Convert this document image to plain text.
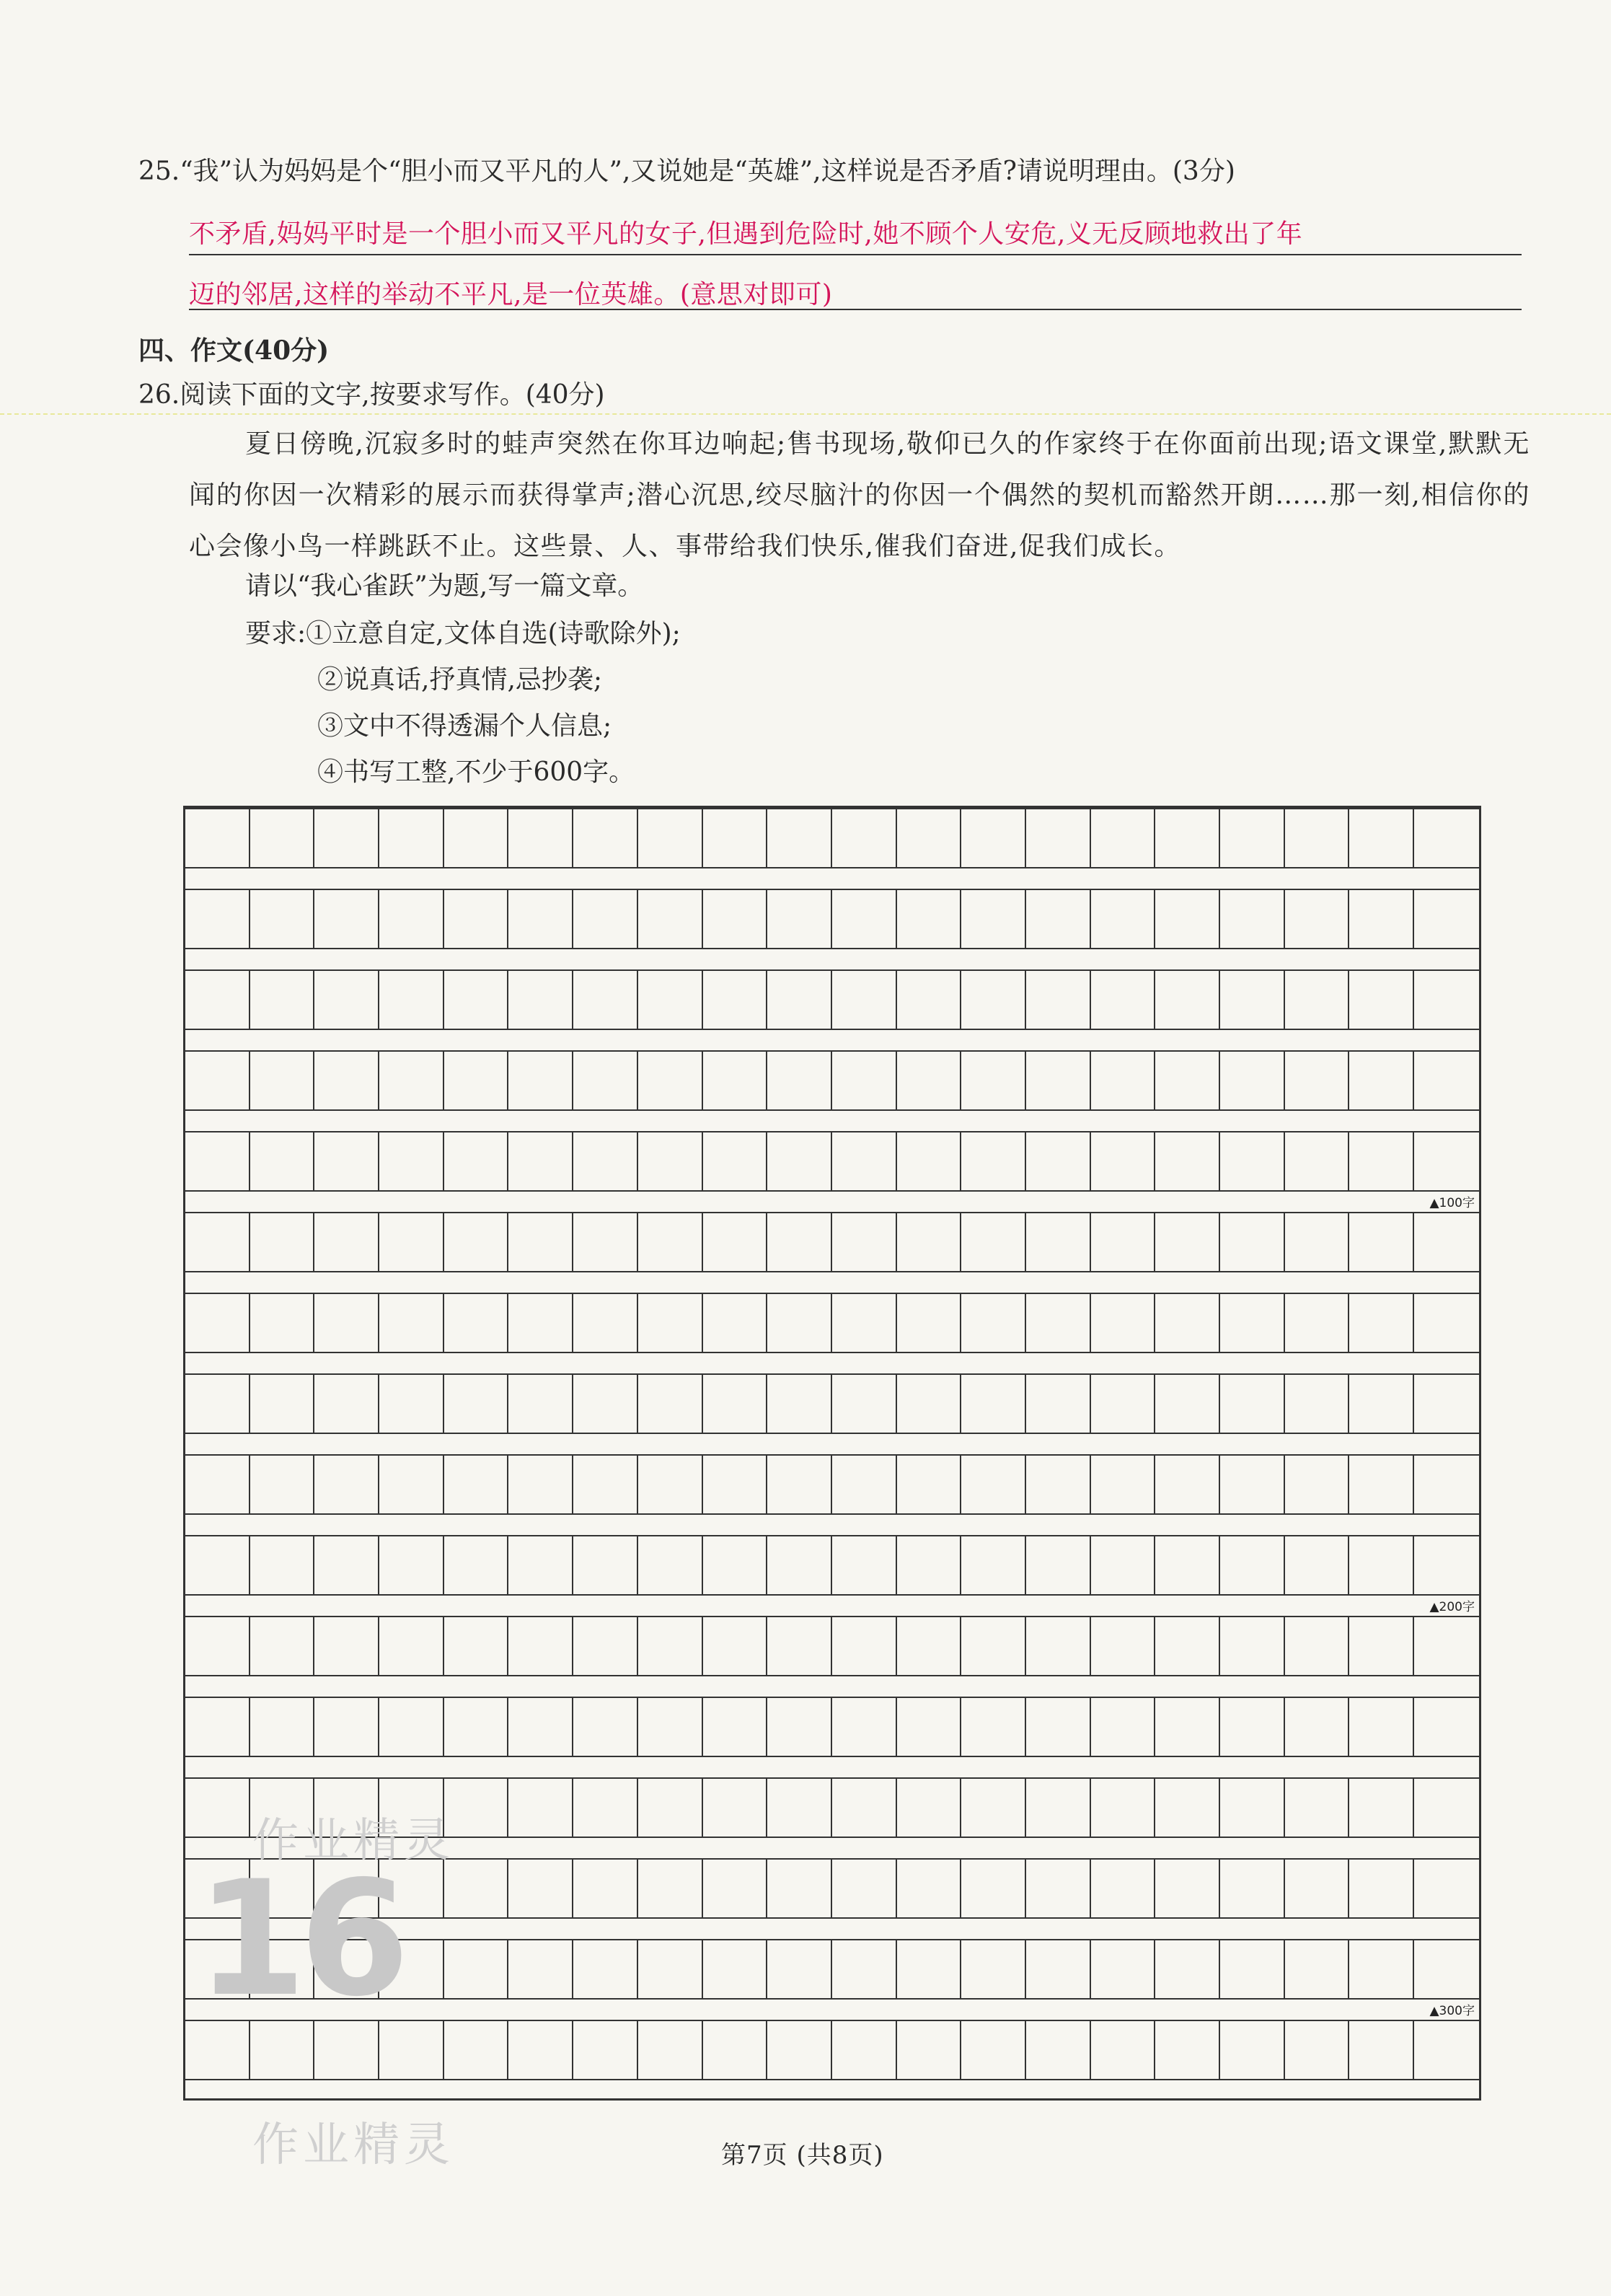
25.“我”认为妈妈是个“胆小而又平凡的人”,又说她是“英雄”,这样说是否矛盾?请说明理由。(3分)
不矛盾,妈妈平时是一个胆小而又平凡的女子,但遇到危险时,她不顾个人安危,义无反顾地救出了年
迈的邻居,这样的举动不平凡,是一位英雄。(意思对即可)
四、作文(40分)
26.阅读下面的文字,按要求写作。(40分)
夏日傍晚,沉寂多时的蛙声突然在你耳边响起;售书现场,敬仰已久的作家终于在你面前出现;语文课堂,默默无闻的你因一次精彩的展示而获得掌声;潜心沉思,绞尽脑汁的你因一个偶然的契机而豁然开朗……那一刻,相信你的心会像小鸟一样跳跃不止。这些景、人、事带给我们快乐,催我们奋进,促我们成长。
请以“我心雀跃”为题,写一篇文章。
要求:①立意自定,文体自选(诗歌除外);
②说真话,抒真情,忌抄袭;
③文中不得透漏个人信息;
④书写工整,不少于600字。
▲100字
▲200字
▲300字
16
作业精灵
作业精灵	第7页 (共8页)
